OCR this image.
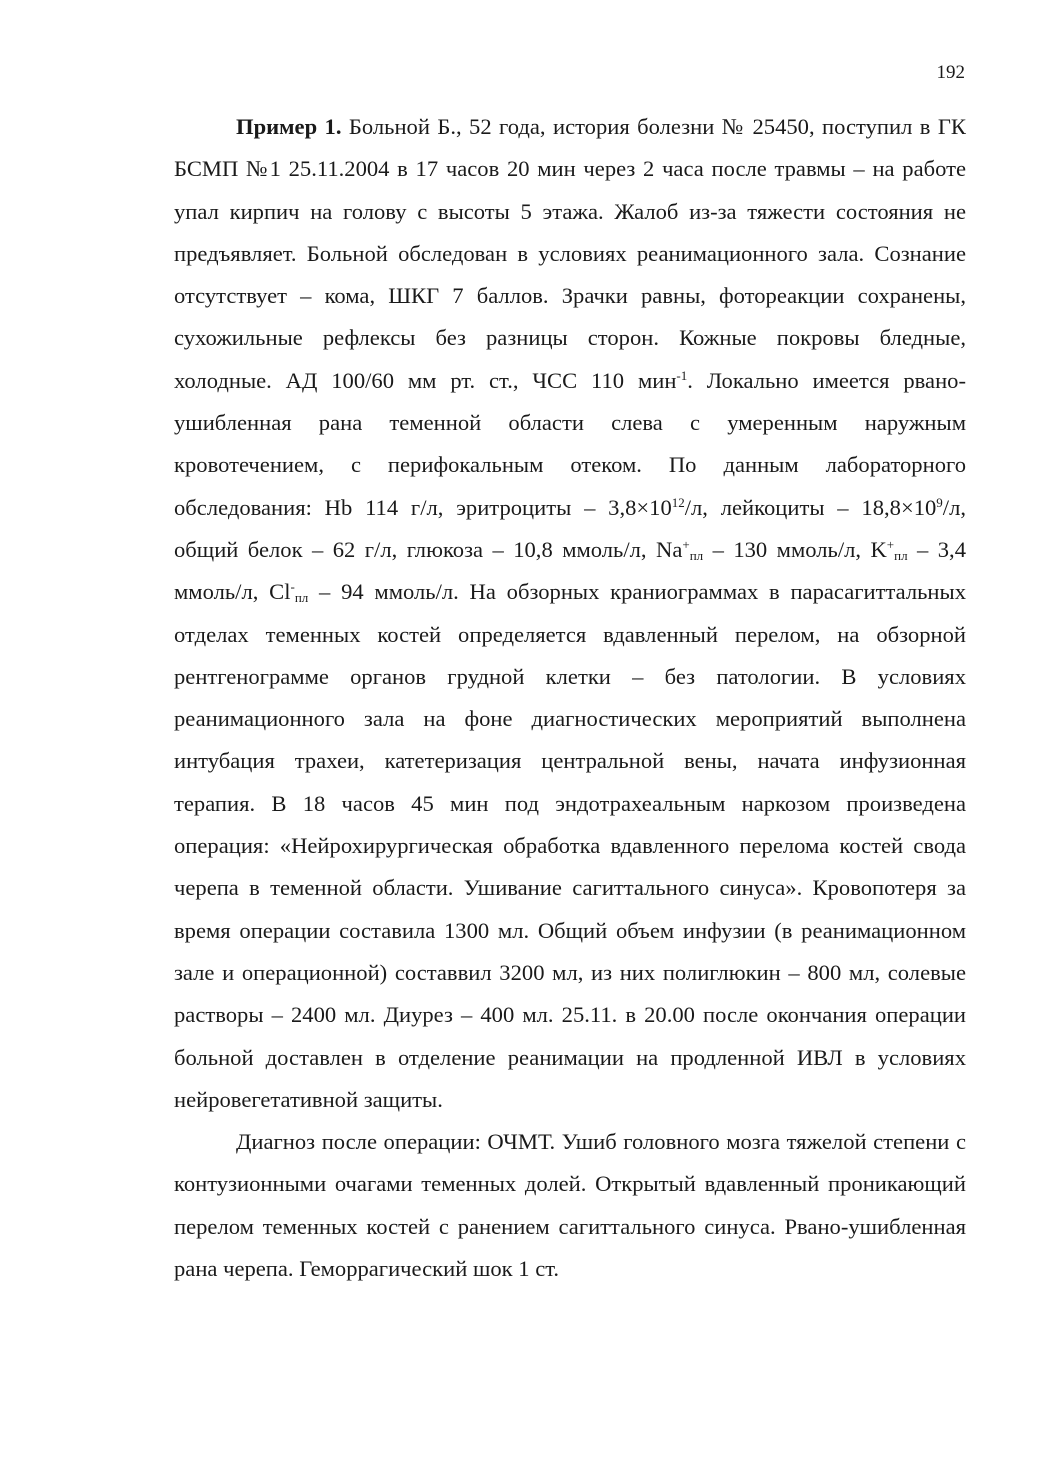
192

Пример 1. Больной Б., 52 года, история болезни № 25450, поступил в ГК БСМП №1 25.11.2004 в 17 часов 20 мин через 2 часа после травмы – на работе упал кирпич на голову с высоты 5 этажа. Жалоб из-за тяжести состояния не предъявляет. Больной обследован в условиях реанимационного зала. Сознание отсутствует – кома, ШКГ 7 баллов. Зрачки равны, фотореакции сохранены, сухожильные рефлексы без разницы сторон. Кожные покровы бледные, холодные. АД 100/60 мм рт. ст., ЧСС 110 мин$^{-1}$. Локально имеется рвано-ушибленная рана теменной области слева с умеренным наружным кровотечением, с перифокальным отеком. По данным лабораторного обследования: Hb 114 г/л, эритроциты – $3,8\times 10^{12}/л$, лейкоциты – $18,8\times 10^9/л$, общий белок – 62 г/л, глюкоза – 10,8 ммоль/л, $Na^+_{пл} - 130$ ммоль/л, $K^+_{пл} - 3,4$ ммоль/л, $Cl^-_{пл} - 94$ ммоль/л. На обзорных краниограммах в парасагиттальных отделах теменных костей определяется вдавленный перелом, на обзорной рентгенограмме органов грудной клетки – без патологии. В условиях реанимационного зала на фоне диагностических мероприятий выполнена интубация трахеи, катетеризация центральной вены, начата инфузионная терапия. В 18 часов 45 мин под эндотрахеальным наркозом произведена операция: «Нейрохирургическая обработка вдавленного перелома костей свода черепа в теменной области. Ушивание сагиттального синуса». Кровопотеря за время операции составила 1300 мл. Общий объем инфузии (в реанимационном зале и операционной) составвил 3200 мл, из них полиглюкин – 800 мл, солевые растворы – 2400 мл. Диурез – 400 мл. 25.11. в 20.00 после окончания операции больной доставлен в отделение реанимации на продленной ИВЛ в условиях нейровегетативной защиты.

Диагноз после операции: ОЧМТ. Ушиб головного мозга тяжелой степени с контузионными очагами теменных долей. Открытый вдавленный проникающий перелом теменных костей с ранением сагиттального синуса. Рвано-ушибленная рана черепа. Геморрагический шок 1 ст.
